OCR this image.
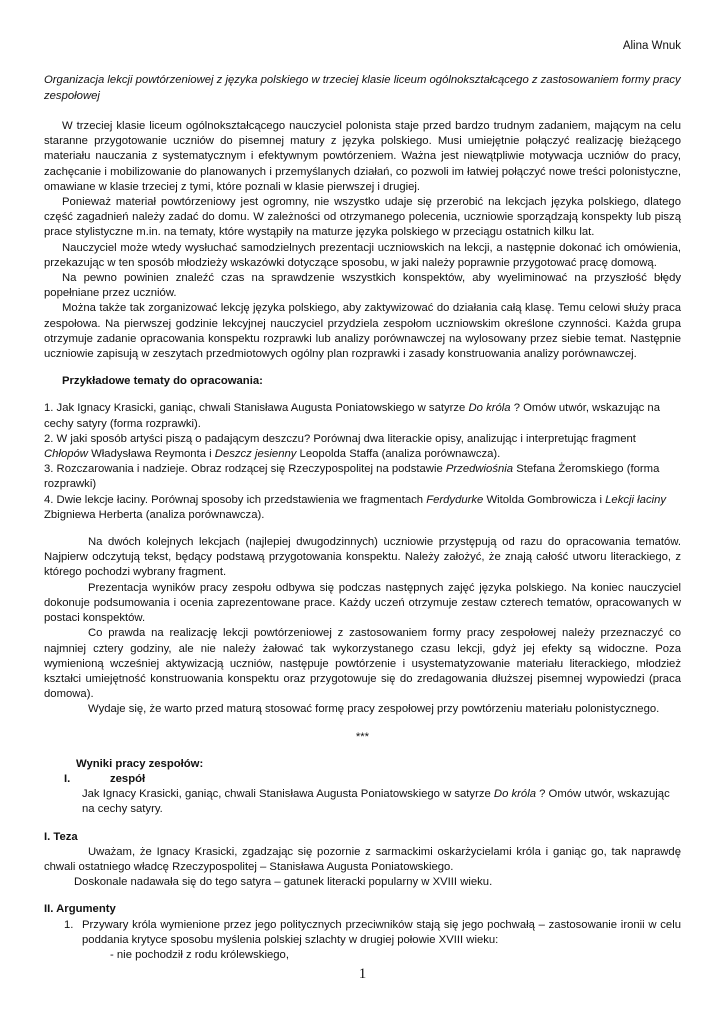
Alina Wnuk
Organizacja lekcji powtórzeniowej z języka polskiego w trzeciej klasie liceum ogólnokształcącego z zastosowaniem formy pracy zespołowej

W trzeciej klasie liceum ogólnokształcącego nauczyciel polonista staje przed bardzo trudnym zadaniem, mającym na celu staranne przygotowanie uczniów do pisemnej matury z języka polskiego. Musi umiejętnie połączyć realizację bieżącego materiału nauczania z systematycznym i efektywnym powtórzeniem. Ważna jest niewątpliwie motywacja uczniów do pracy, zachęcanie i mobilizowanie do planowanych i przemyślanych działań, co pozwoli im łatwiej połączyć nowe treści polonistyczne, omawiane w klasie trzeciej z tymi, które poznali w klasie pierwszej i drugiej.

Ponieważ materiał powtórzeniowy jest ogromny, nie wszystko udaje się przerobić na lekcjach języka polskiego, dlatego część zagadnień należy zadać do domu. W zależności od otrzymanego polecenia, uczniowie sporządzają konspekty lub piszą prace stylistyczne m.in. na tematy, które wystąpiły na maturze języka polskiego w przeciągu ostatnich kilku lat.

Nauczyciel może wtedy wysłuchać samodzielnych prezentacji uczniowskich na lekcji, a następnie dokonać ich omówienia, przekazując w ten sposób młodzieży wskazówki dotyczące sposobu, w jaki należy poprawnie przygotować pracę domową.

Na pewno powinien znaleźć czas na sprawdzenie wszystkich konspektów, aby wyeliminować na przyszłość błędy popełniane przez uczniów.

Można także tak zorganizować lekcję języka polskiego, aby zaktywizować do działania całą klasę. Temu celowi służy praca zespołowa. Na pierwszej godzinie lekcyjnej nauczyciel przydziela zespołom uczniowskim określone czynności. Każda grupa otrzymuje zadanie opracowania konspektu rozprawki lub analizy porównawczej na wylosowany przez siebie temat. Następnie uczniowie zapisują w zeszytach przedmiotowych ogólny plan rozprawki i zasady konstruowania analizy porównawczej.

Przykładowe tematy do opracowania:

1. Jak Ignacy Krasicki, ganiąc, chwali Stanisława Augusta Poniatowskiego w satyrze Do króla ? Omów utwór, wskazując na cechy satyry (forma rozprawki).

2. W jaki sposób artyści piszą o padającym deszczu? Porównaj dwa literackie opisy, analizując i interpretując fragment Chłopów Władysława Reymonta i Deszcz jesienny Leopolda Staffa (analiza porównawcza).

3. Rozczarowania i nadzieje. Obraz rodzącej się Rzeczypospolitej na podstawie Przedwiośnia Stefana Żeromskiego (forma rozprawki)

4. Dwie lekcje łaciny. Porównaj sposoby ich przedstawienia we fragmentach Ferdydurke Witolda Gombrowicza i Lekcji łaciny Zbigniewa Herberta (analiza porównawcza).

Na dwóch kolejnych lekcjach (najlepiej dwugodzinnych) uczniowie przystępują od razu do opracowania tematów. Najpierw odczytują tekst, będący podstawą przygotowania konspektu. Należy założyć, że znają całość utworu literackiego, z którego pochodzi wybrany fragment.

Prezentacja wyników pracy zespołu odbywa się podczas następnych zajęć języka polskiego. Na koniec nauczyciel dokonuje podsumowania i ocenia zaprezentowane prace. Każdy uczeń otrzymuje zestaw czterech tematów, opracowanych w postaci konspektów.

Co prawda na realizację lekcji powtórzeniowej z zastosowaniem formy pracy zespołowej należy przeznaczyć co najmniej cztery godziny, ale nie należy żałować tak wykorzystanego czasu lekcji, gdyż jej efekty są widoczne. Poza wymienioną wcześniej aktywizacją uczniów, następuje powtórzenie i usystematyzowanie materiału literackiego, młodzież kształci umiejętność konstruowania konspektu oraz przygotowuje się do zredagowania dłuższej pisemnej wypowiedzi (praca domowa).

Wydaje się, że warto przed maturą stosować formę pracy zespołowej przy powtórzeniu materiału polonistycznego.

***

Wyniki pracy zespołów:

I.	zespół

Jak Ignacy Krasicki, ganiąc, chwali Stanisława Augusta Poniatowskiego w satyrze Do króla ? Omów utwór, wskazując na cechy satyry.

I. Teza

Uważam, że Ignacy Krasicki, zgadzając się pozornie z sarmackimi oskarżycielami króla i ganiąc go, tak naprawdę chwali ostatniego władcę Rzeczypospolitej – Stanisława Augusta Poniatowskiego.

Doskonale nadawała się do tego satyra – gatunek literacki popularny w XVIII wieku.

II. Argumenty

1. Przywary króla wymienione przez jego politycznych przeciwników stają się jego pochwałą – zastosowanie ironii w celu poddania krytyce sposobu myślenia polskiej szlachty w drugiej połowie XVIII wieku:

- nie pochodził z rodu królewskiego,

1
